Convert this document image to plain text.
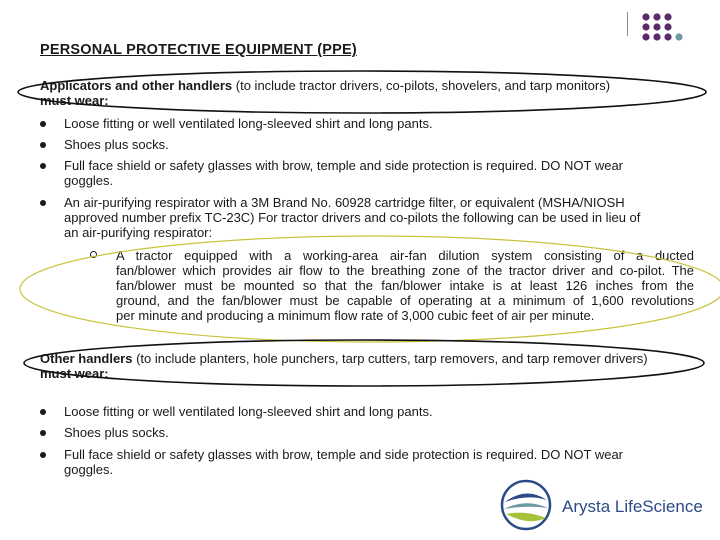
PERSONAL PROTECTIVE EQUIPMENT (PPE)
Applicators and other handlers (to include tractor drivers, co-pilots, shovelers, and tarp monitors)
must wear:
Loose fitting or well ventilated long-sleeved shirt and long pants.
Shoes plus socks.
Full face shield or safety glasses with brow, temple and side protection is required. DO NOT wear
goggles.
An air-purifying respirator with a 3M Brand No. 60928 cartridge filter, or equivalent (MSHA/NIOSH
approved number prefix TC-23C) For tractor drivers and co-pilots the following can be used in lieu of
an air-purifying respirator:
A tractor equipped with a working-area air-fan dilution system consisting of a ducted
fan/blower which provides air flow to the breathing zone of the tractor driver and co-pilot. The
fan/blower must be mounted so that the fan/blower intake is at least 126 inches from the
ground, and the fan/blower must be capable of operating at a minimum of 1,600 revolutions
per minute and producing a minimum flow rate of 3,000 cubic feet of air per minute.
Other handlers (to include planters, hole punchers, tarp cutters, tarp removers, and tarp remover drivers)
must wear:
Loose fitting or well ventilated long-sleeved shirt and long pants.
Shoes plus socks.
Full face shield or safety glasses with brow, temple and side protection is required. DO NOT wear
goggles.
Arysta LifeScience
